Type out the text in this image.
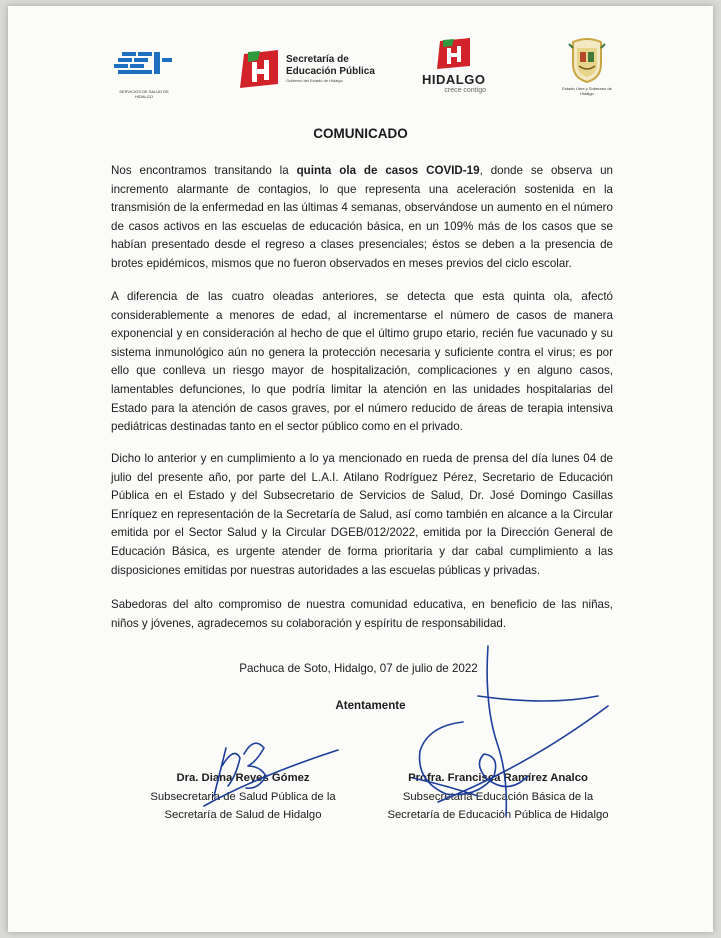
SERVICIOS DE SALUD DE HIDALGO
Secretaría de
Educación Pública
Gobierno del Estado de Hidalgo	HIDALGO
crece contigo	Estado Libre y Soberano de
Hidalgo
COMUNICADO
Nos encontramos transitando la quinta ola de casos COVID-19, donde se observa un incremento alarmante de contagios, lo que representa una aceleración sostenida en la transmisión de la enfermedad en las últimas 4 semanas, observándose un aumento en el número de casos activos en las escuelas de educación básica, en un 109% más de los casos que se habían presentado desde el regreso a clases presenciales; éstos se deben a la presencia de brotes epidémicos, mismos que no fueron observados en meses previos del ciclo escolar.
A diferencia de las cuatro oleadas anteriores, se detecta que esta quinta ola, afectó considerablemente a menores de edad, al incrementarse el número de casos de manera exponencial y en consideración al hecho de que el último grupo etario, recién fue vacunado y su sistema inmunológico aún no genera la protección necesaria y suficiente contra el virus; es por ello que conlleva un riesgo mayor de hospitalización, complicaciones y en alguno casos, lamentables defunciones, lo que podría limitar la atención en las unidades hospitalarias del Estado para la atención de casos graves, por el número reducido de áreas de terapia intensiva pediátricas destinadas tanto en el sector público como en el privado.
Dicho lo anterior y en cumplimiento a lo ya mencionado en rueda de prensa del día lunes 04 de julio del presente año, por parte del L.A.I. Atilano Rodríguez Pérez, Secretario de Educación Pública en el Estado y del Subsecretario de Servicios de Salud, Dr. José Domingo Casillas Enríquez en representación de la Secretaría de Salud, así como también en alcance a la Circular emitida por el Sector Salud y la Circular DGEB/012/2022, emitida por la Dirección General de Educación Básica, es urgente atender de forma prioritaria y dar cabal cumplimiento a las disposiciones emitidas por nuestras autoridades a las escuelas públicas y privadas.
Sabedoras del alto compromiso de nuestra comunidad educativa, en beneficio de las niñas, niños y jóvenes, agradecemos su colaboración y espíritu de responsabilidad.
Pachuca de Soto, Hidalgo, 07 de julio de 2022
Atentamente
Dra. Diana Reyes Gómez
Subsecretaria de Salud Pública de la
Secretaría de Salud de Hidalgo
Profra. Francisca Ramírez Analco
Subsecretaria Educación Básica de la
Secretaría de Educación Pública de Hidalgo
